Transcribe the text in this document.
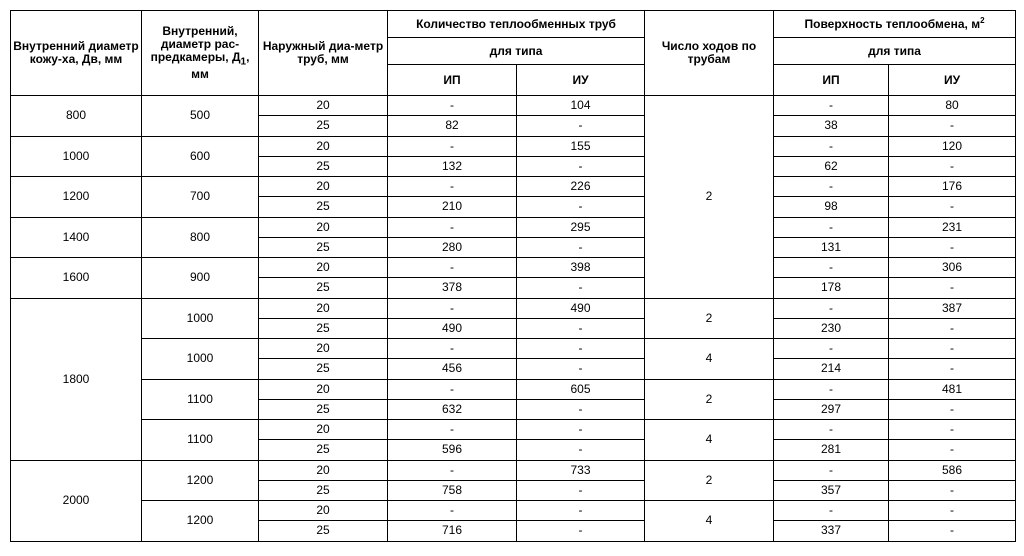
Внутренний диаметр кожу-ха, Дв, мм	Внутренний, диаметр рас-предкамеры, $Д_1$, мм	Наружный диа-метр труб, мм	Количество теплообменных труб		Число ходов по трубам	Поверхность теплообмена, $м^2$
			для типа			для типа	
			ИП	ИУ		ИП	ИУ
800	500	20	-	104	2	-	80
		25	82	-		38	-
1000	600	20	-	155		-	120
		25	132	-		62	-
1200	700	20	-	226		-	176
		25	210	-		98	-
1400	800	20	-	295		-	231
		25	280	-		131	-
1600	900	20	-	398		-	306
		25	378	-		178	-
1800	1000	20	-	490	2	-	387
		25	490	-		230	-
	1000	20	-	-	4	-	-
		25	456	-		214	-
	1100	20	-	605	2	-	481
		25	632	-		297	-
	1100	20	-	-	4	-	-
		25	596	-		281	-
2000	1200	20	-	733	2	-	586
		25	758	-		357	-
	1200	20	-	-	4	-	-
		25	716	-		337	-
